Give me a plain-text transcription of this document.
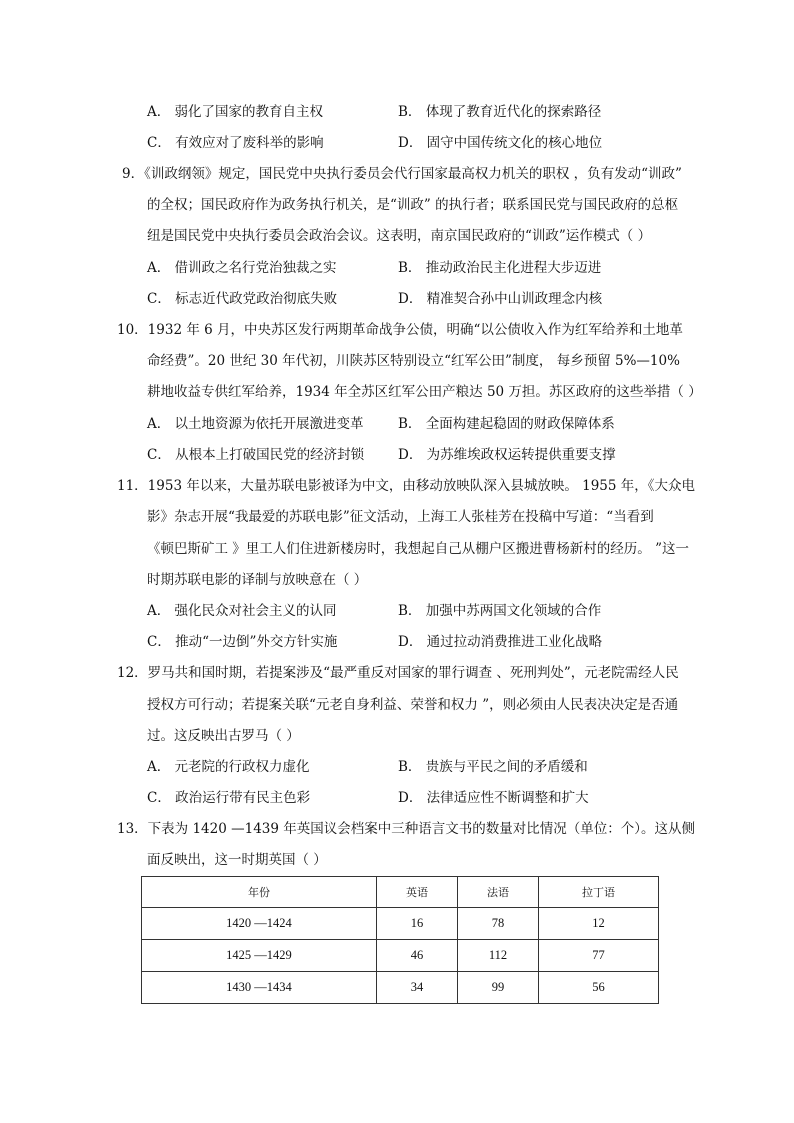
A． 弱化了国家的教育自主权	B． 体现了教育近代化的探索路径
C． 有效应对了废科举的影响	D． 固守中国传统文化的核心地位
9．《训政纲领》规定，国民党中央执行委员会代行国家最高权力机关的职权 ，负有发动“训政”
的全权；国民政府作为政务执行机关，是“训政” 的执行者；联系国民党与国民政府的总枢
纽是国民党中央执行委员会政治会议。这表明，南京国民政府的“训政”运作模式（ ）
A． 借训政之名行党治独裁之实	B． 推动政治民主化进程大步迈进
C． 标志近代政党政治彻底失败	D． 精准契合孙中山训政理念内核
10．1932 年 6 月，中央苏区发行两期革命战争公债，明确“以公债收入作为红军给养和土地革
命经费”。20 世纪 30 年代初，川陕苏区特别设立“红军公田”制度， 每乡预留 5%—10%
耕地收益专供红军给养，1934 年全苏区红军公田产粮达 50 万担。苏区政府的这些举措（ ）
A． 以土地资源为依托开展激进变革	B． 全面构建起稳固的财政保障体系
C． 从根本上打破国民党的经济封锁	D． 为苏维埃政权运转提供重要支撑
11．1953 年以来，大量苏联电影被译为中文，由移动放映队深入县城放映。 1955 年，《大众电
影》杂志开展“我最爱的苏联电影”征文活动，上海工人张桂芳在投稿中写道：“当看到
《顿巴斯矿工 》里工人们住进新楼房时，我想起自己从棚户区搬进曹杨新村的经历。 ”这一
时期苏联电影的译制与放映意在（ ）
A． 强化民众对社会主义的认同	B． 加强中苏两国文化领域的合作
C． 推动“一边倒”外交方针实施	D． 通过拉动消费推进工业化战略
12．罗马共和国时期，若提案涉及“最严重反对国家的罪行调查 、死刑判处”，元老院需经人民
授权方可行动；若提案关联“元老自身利益、荣誉和权力 ”，则必须由人民表决决定是否通
过。这反映出古罗马（ ）
A． 元老院的行政权力虚化	B． 贵族与平民之间的矛盾缓和
C． 政治运行带有民主色彩	D． 法律适应性不断调整和扩大
13．下表为 1420 —1439 年英国议会档案中三种语言文书的数量对比情况（单位：个）。这从侧
面反映出，这一时期英国（ ）
年份	英语	法语	拉丁语
1420 —1424	16	78	12
1425 —1429	46	112	77
1430 —1434	34	99	56
